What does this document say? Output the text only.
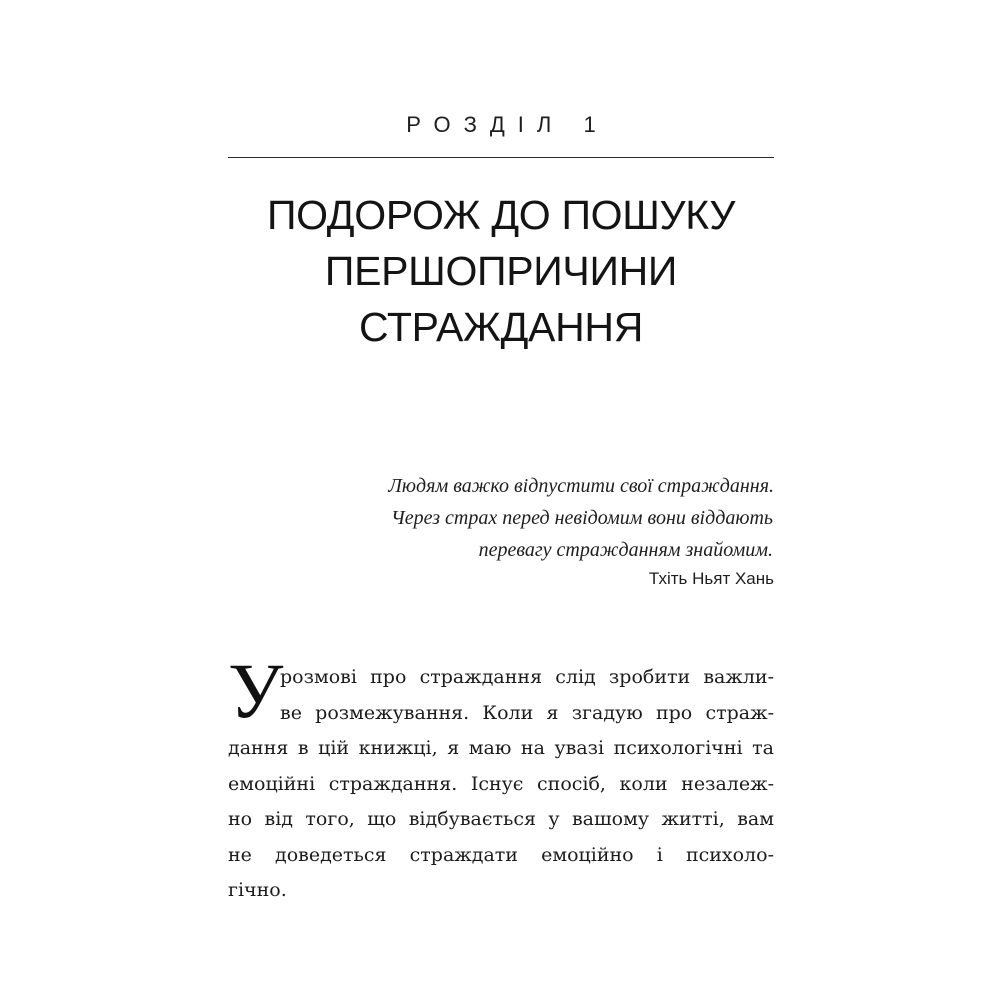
РОЗДІЛ 1
ПОДОРОЖ ДО ПОШУКУ
ПЕРШОПРИЧИНИ
СТРАЖДАННЯ
Людям важко відпустити свої страждання.
Через страх перед невідомим вони віддають
перевагу стражданням знайомим.
Тхіть Ньят Хань
У
розмові про страждання слід зробити важли-
ве розмежування. Коли я згадую про страж-
дання в цій книжці, я маю на увазі психологічні та
емоційні страждання. Існує спосіб, коли незалеж-
но від того, що відбувається у вашому житті, вам
не доведеться страждати емоційно і психоло-
гічно.
